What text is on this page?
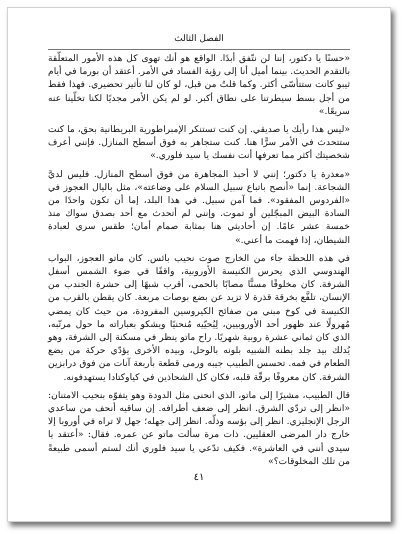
الفصل الثالث

«حسنًا يا دكتور، إننا لن نتّفق أبدًا. الواقع هو أنك تهوى كل هذه الأمور المتعلّقة بالتقدم الحديث. بينما أميل أنا إلى رؤية الفساد في الأمر. أعتقد أن بورما في أيام ثيبو كانت ستتأسّى أكثر. وكما قلتُ من قبل، لو كان لنا تأثير تحضيري. فهذا فقط من أجل بسط سيطرتنا على نطاق أكبر. لو لم يكن الأمر مجديًا لكنا تخلّينا عنه سريعًا.»

«ليس هذا رأيك يا صديقي. إن كنت تستنكر الإمبراطورية البريطانية بحق، ما كنت ستتحدث في الأمر سرًّا هنا. كنت ستجاهر به فوق أسطح المنازل. فإنني أعرف شخصيتك أكثر مما تعرفها أنت نفسك يا سيد فلوري.»

«معذرة يا دكتور؛ إنني لا أحبذ المجاهرة من فوق أسطح المنازل. فليس لديَّ الشجاعة. إنما «أنصح باتباع سبيل السلام على وضاعته»، مثل باليال العجوز في «الفردوس المفقود». فما آمن سبيل. في هذا البلد، إما أن تكون واحدًا من السادة البيض المبجّلين أو تموت. وإنني لم أتحدث مع أحد بصدق سواك منذ خمسة عشر عامًا. إن أحاديثي هنا بمثابة صمام أمان؛ طقس سري لعبادة الشيطان، إذا فهمت ما أعني.»

في هذه اللحظة جاء من الخارج صوت نحيب بائس. كان ماتو العجوز، البواب الهندوسي الذي يحرس الكنيسة الأوروبية، واقفًا في ضوء الشمس أسفل الشرفة. كان مخلوقًا مسنًّا مصابًا بالحمى، أقرب شبهًا إلى حشرة الجندب من الإنسان، تلفَّع بخرقة قذرة لا تزيد عن بضع بوصات مربعة. كان يقطن بالقرب من الكنيسة في كوخ مبني من صفائح الكيروسين المفرودة، من حيث كان يمضي مُهرولًا عند ظهور أحد الأوروبيين، لِيُحيّيه مُنحنيًا ويشكو بعباراته ما حول مرتّبه، الذي كان ثماني عشرة روبية شهريًا. راح ماتو ينظر في مسكنة إلى الشرفة، وهو يُدلك بيد جلد بطنه الشبيه بلونه بالوحل، وبيده الأخرى يؤدّي حركة من يضع الطعام في فمه. تحسس الطبيب جيبه ورمى قطعة بأربعة آنات من فوق درابزين الشرفة. كان معروفًا برقّة قلبه، فكان كل الشحاذين في كياوكتادا يستهدفونه.

قال الطبيب، مشيرًا إلى ماتو، الذي انحنى مثل الدودة وهو يتفوّه بنحيب الامتنان: «انظر إلى تردّي الشرق. انظر إلى ضعف أطرافه. إن ساقيه أنحف من ساعدي الرجل الإنجليزي. انظر إلى بؤسه وذلّه. انظر إلى جهله؛ جهل لا تراه في أوروبا إلا خارج دار المرضى العقليين. ذات مرة سألت ماتو عن عمره. فقال: «أعتقد يا سيدي أنني في العاشرة». فكيف تدّعي يا سيد فلوري أنك لستم أسمى طبيعةً من تلك المخلوقات؟»

٤١
